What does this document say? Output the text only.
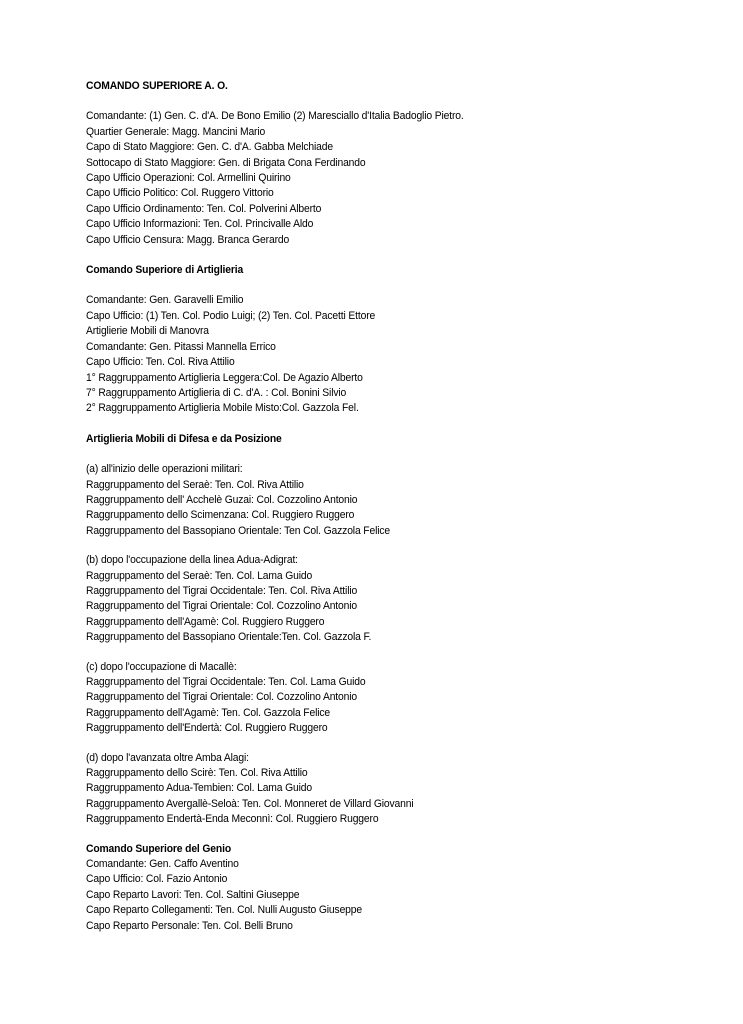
COMANDO SUPERIORE A. O.

Comandante: (1) Gen. C. d'A. De Bono Emilio (2) Maresciallo d'Italia Badoglio Pietro.

Quartier Generale: Magg. Mancini Mario

Capo di Stato Maggiore: Gen. C. d'A. Gabba Melchiade

Sottocapo di Stato Maggiore: Gen. di Brigata Cona Ferdinando

Capo Ufficio Operazioni: Col. Armellini Quirino

Capo Ufficio Politico: Col. Ruggero Vittorio

Capo Ufficio Ordinamento: Ten. Col. Polverini Alberto

Capo Ufficio Informazioni: Ten. Col. Princivalle Aldo

Capo Ufficio Censura: Magg. Branca Gerardo

Comando Superiore di Artiglieria

Comandante: Gen. Garavelli Emilio

Capo Ufficio: (1) Ten. Col. Podio Luigi; (2) Ten. Col. Pacetti Ettore

Artiglierie Mobili di Manovra

Comandante: Gen. Pitassi Mannella Errico

Capo Ufficio: Ten. Col. Riva Attilio

1° Raggruppamento Artiglieria Leggera:Col. De Agazio Alberto

7° Raggruppamento Artiglieria di C. d'A. : Col. Bonini Silvio

2° Raggruppamento Artiglieria Mobile Misto:Col. Gazzola Fel.

Artiglieria Mobili di Difesa e da Posizione

(a) all'inizio delle operazioni militari:

Raggruppamento del Seraè: Ten. Col. Riva Attilio

Raggruppamento dell' Acchelè Guzai: Col. Cozzolino Antonio

Raggruppamento dello Scimenzana: Col. Ruggiero Ruggero

Raggruppamento del Bassopiano Orientale: Ten Col. Gazzola Felice

(b) dopo l'occupazione della linea Adua-Adigrat:

Raggruppamento del Seraè: Ten. Col. Lama Guido

Raggruppamento del Tigrai Occidentale: Ten. Col. Riva Attilio

Raggruppamento del Tigrai Orientale: Col. Cozzolino Antonio

Raggruppamento dell'Agamè: Col. Ruggiero Ruggero

Raggruppamento del Bassopiano Orientale:Ten. Col. Gazzola F.

(c) dopo l'occupazione di Macallè:

Raggruppamento del Tigrai Occidentale: Ten. Col. Lama Guido

Raggruppamento del Tigrai Orientale: Col. Cozzolino Antonio

Raggruppamento dell'Agamè: Ten. Col. Gazzola Felice

Raggruppamento dell'Endertà: Col. Ruggiero Ruggero

(d) dopo l'avanzata oltre Amba Alagi:

Raggruppamento dello Scirè: Ten. Col. Riva Attilio

Raggruppamento Adua-Tembien: Col. Lama Guido

Raggruppamento Avergallè-Seloà: Ten. Col. Monneret de Villard Giovanni

Raggruppamento Endertà-Enda Meconnì: Col. Ruggiero Ruggero

Comando Superiore del Genio

Comandante: Gen. Caffo Aventino

Capo Ufficio: Col. Fazio Antonio

Capo Reparto Lavori: Ten. Col. Saltini Giuseppe

Capo Reparto Collegamenti: Ten. Col. Nulli Augusto Giuseppe

Capo Reparto Personale: Ten. Col. Belli Bruno
